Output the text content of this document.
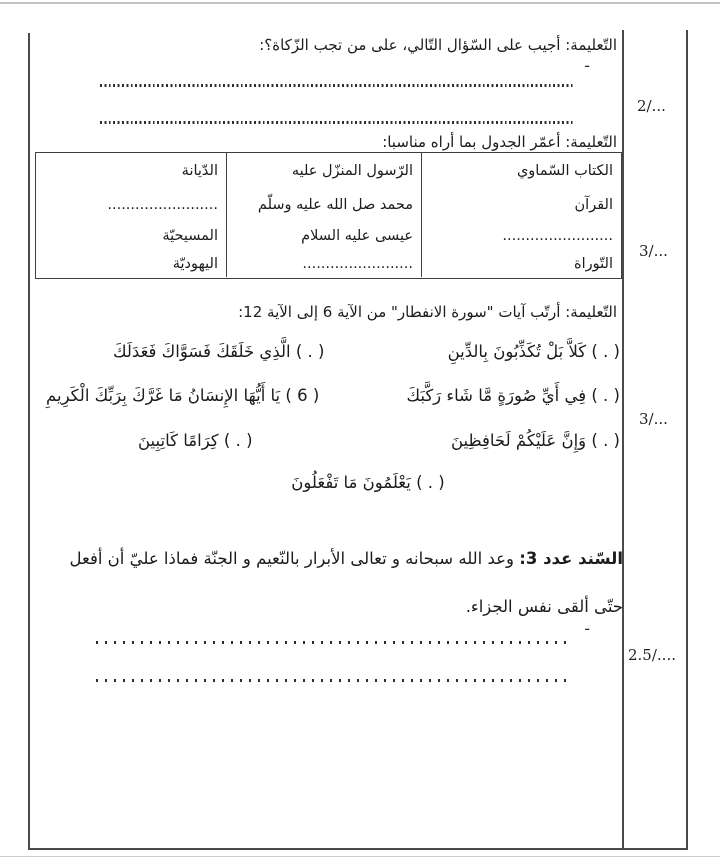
2/...
3/...
3/...
2.5/....
التّعليمة: أجيب على السّؤال التّالي، على من تجب الزّكاة؟:
-
التّعليمة: أعمّر الجدول بما أراه مناسبا:
الكتاب السّماوي
الرّسول المنزّل عليه
الدّيانة
القرآن
محمد صل الله عليه وسلّم
........................
........................
عيسى عليه السلام
المسيحيّة
التّوراة
........................
اليهوديّة
التّعليمة: أرتّب آيات "سورة الانفطار" من الآية 6 إلى الآية 12:
( . ) كَلاَّ بَلْ تُكَذِّبُونَ بِالدِّينِ
( . ) الَّذِي خَلَقَكَ فَسَوَّاكَ فَعَدَلَكَ
( . ) فِي أَيِّ صُورَةٍ مَّا شَاء رَكَّبَكَ
( 6 ) يَا أَيُّهَا الإِنسَانُ مَا غَرَّكَ بِرَبِّكَ الْكَرِيمِ
( . ) وَإِنَّ عَلَيْكُمْ لَحَافِظِينَ
( . ) كِرَامًا كَاتِبِينَ
( . ) يَعْلَمُونَ مَا تَفْعَلُونَ

السّند عدد 3: وعد الله سبحانه و تعالى الأبرار بالنّعيم و الجنّة فماذا عليّ أن أفعل حتّى ألقى نفس الجزاء.

-
